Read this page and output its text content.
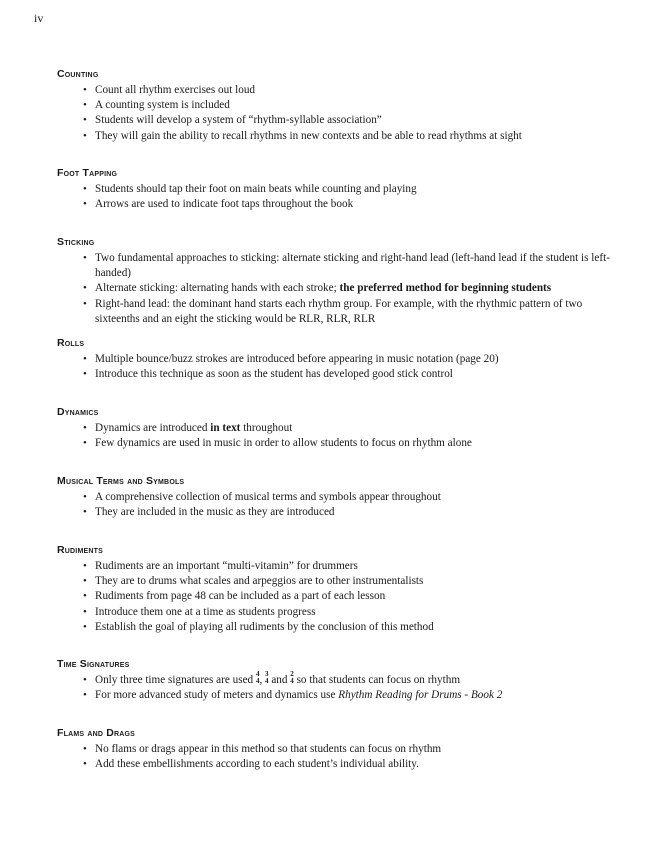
iv
Counting
• Count all rhythm exercises out loud
• A counting system is included
• Students will develop a system of “rhythm-syllable association”
• They will gain the ability to recall rhythms in new contexts and be able to read rhythms at sight
Foot Tapping
• Students should tap their foot on main beats while counting and playing
• Arrows are used to indicate foot taps throughout the book
Sticking
• Two fundamental approaches to sticking: alternate sticking and right-hand lead (left-hand lead if the student is left-handed)
• Alternate sticking: alternating hands with each stroke; the preferred method for beginning students
• Right-hand lead: the dominant hand starts each rhythm group. For example, with the rhythmic pattern of two sixteenths and an eight the sticking would be RLR, RLR, RLR
Rolls
• Multiple bounce/buzz strokes are introduced before appearing in music notation (page 20)
• Introduce this technique as soon as the student has developed good stick control
Dynamics
• Dynamics are introduced in text throughout
• Few dynamics are used in music in order to allow students to focus on rhythm alone
Musical Terms and Symbols
• A comprehensive collection of musical terms and symbols appear throughout
• They are included in the music as they are introduced
Rudiments
• Rudiments are an important “multi-vitamin” for drummers
• They are to drums what scales and arpeggios are to other instrumentalists
• Rudiments from page 48 can be included as a part of each lesson
• Introduce them one at a time as students progress
• Establish the goal of playing all rudiments by the conclusion of this method
Time Signatures
• Only three time signatures are used 4
4 , 3
4 and 2
4 so that students can focus on rhythm
• For more advanced study of meters and dynamics use Rhythm Reading for Drums - Book 2
Flams and Drags
• No flams or drags appear in this method so that students can focus on rhythm
• Add these embellishments according to each student’s individual ability.
